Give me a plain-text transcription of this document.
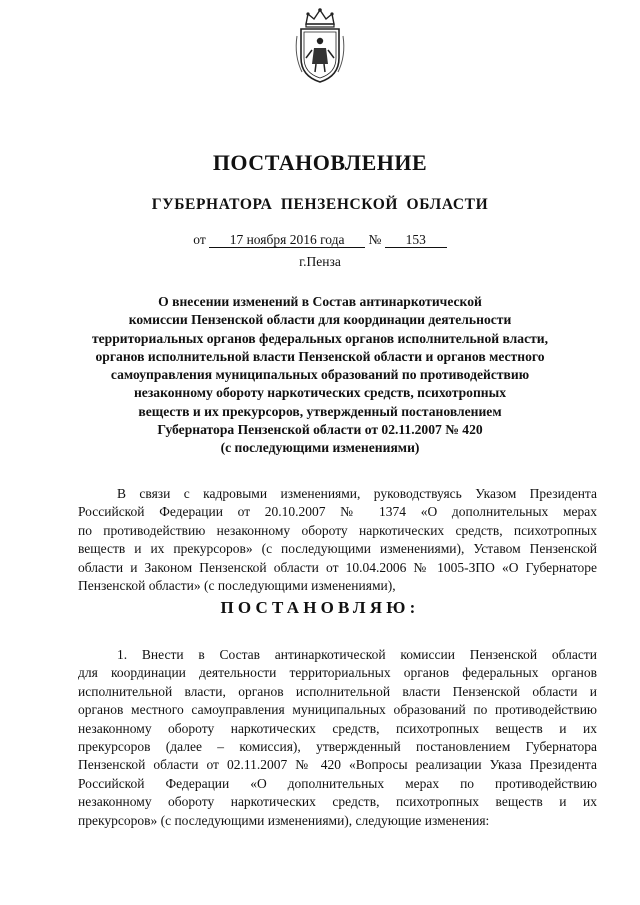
ПОСТАНОВЛЕНИЕ
ГУБЕРНАТОРА ПЕНЗЕНСКОЙ ОБЛАСТИ
от 17 ноября 2016 года № 153
г.Пенза
О внесении изменений в Состав антинаркотической
комиссии Пензенской области для координации деятельности
территориальных органов федеральных органов исполнительной власти,
органов исполнительной власти Пензенской области и органов местного
самоуправления муниципальных образований по противодействию
незаконному обороту наркотических средств, психотропных
веществ и их прекурсоров, утвержденный постановлением
Губернатора Пензенской области от 02.11.2007 № 420
(с последующими изменениями)
В связи с кадровыми изменениями, руководствуясь Указом Президента
Российской Федерации от 20.10.2007 № 1374 «О дополнительных мерах
по противодействию незаконному обороту наркотических средств, психотропных
веществ и их прекурсоров» (с последующими изменениями), Уставом Пензенской
области и Законом Пензенской области от 10.04.2006 № 1005-ЗПО «О Губернаторе
Пензенской области» (с последующими изменениями),
ПОСТАНОВЛЯЮ:
1. Внести в Состав антинаркотической комиссии Пензенской области
для координации деятельности территориальных органов федеральных органов
исполнительной власти, органов исполнительной власти Пензенской области и
органов местного самоуправления муниципальных образований по противодействию
незаконному обороту наркотических средств, психотропных веществ и их
прекурсоров (далее – комиссия), утвержденный постановлением Губернатора
Пензенской области от 02.11.2007 № 420 «Вопросы реализации Указа Президента
Российской Федерации «О дополнительных мерах по противодействию
незаконному обороту наркотических средств, психотропных веществ и их
прекурсоров» (с последующими изменениями), следующие изменения:
